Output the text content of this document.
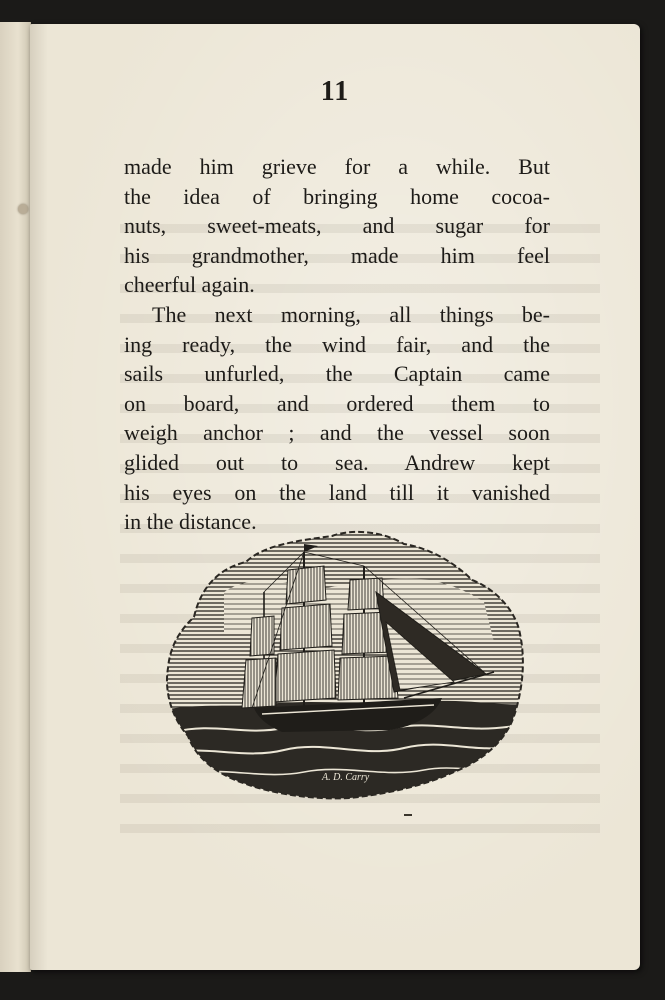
11
made him grieve for a while. But
the idea of bringing home cocoa-
nuts, sweet-meats, and sugar for
his grandmother, made him feel
cheerful again.
The next morning, all things be-
ing ready, the wind fair, and the
sails unfurled, the Captain came
on board, and ordered them to
weigh anchor ; and the vessel soon
glided out to sea. Andrew kept
his eyes on the land till it vanished
in the distance.
A. D. Carry
